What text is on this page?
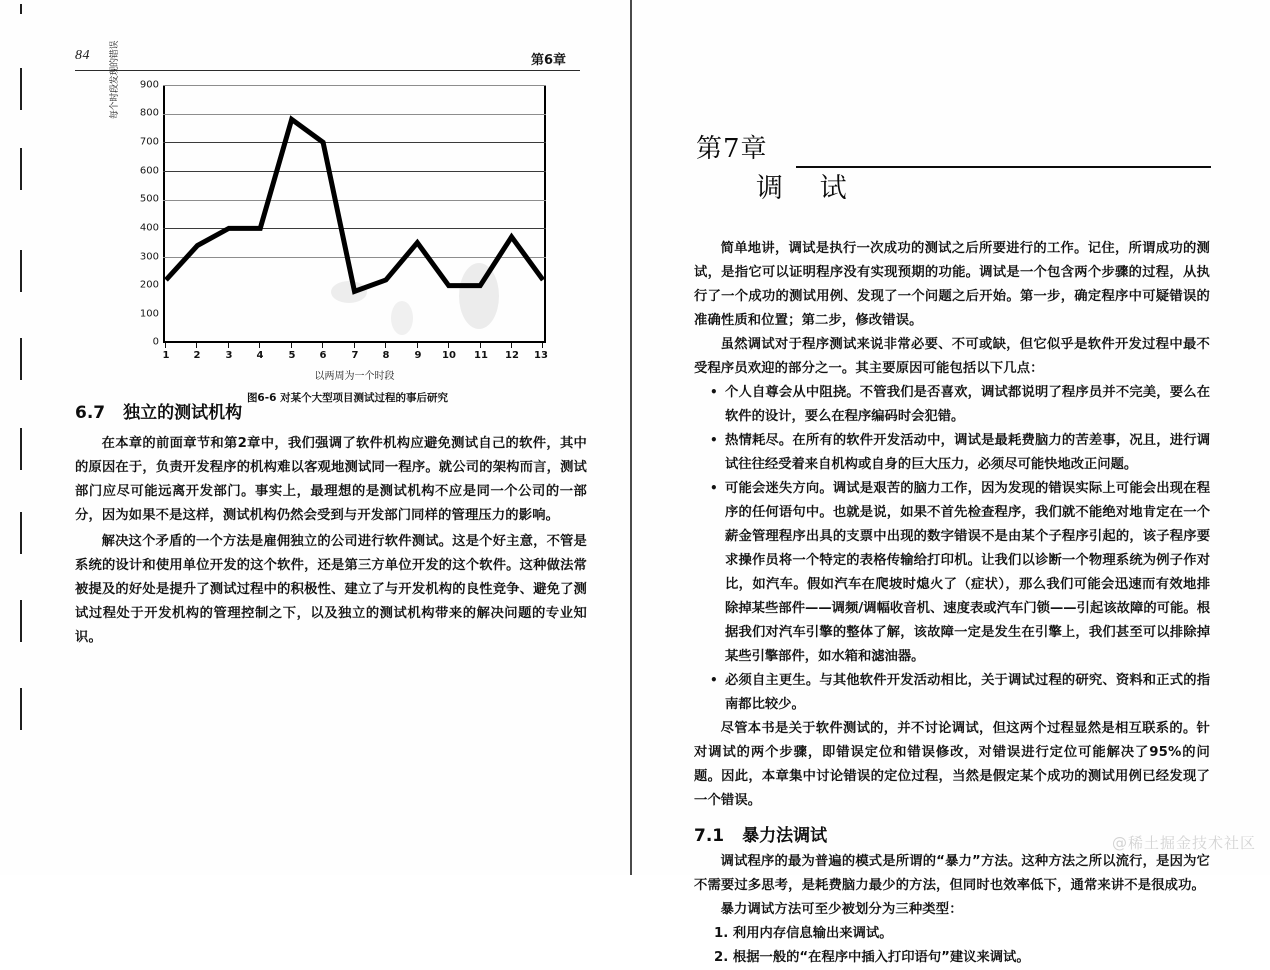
84	第6章
每个时段发现的错误 900
800
700
600
500
400
300
200
100
0
1 2	3 4	5 6	7 8	9 10 11 12 13
以两周为一个时段
图6-6 对某个大型项目测试过程的事后研究
6.7 独立的测试机构

在本章的前面章节和第2章中，我们强调了软件机构应避免测试自己的软件，其中的原因在于，负责开发程序的机构难以客观地测试同一程序。就公司的架构而言，测试部门应尽可能远离开发部门。事实上，最理想的是测试机构不应是同一个公司的一部分，因为如果不是这样，测试机构仍然会受到与开发部门同样的管理压力的影响。

解决这个矛盾的一个方法是雇佣独立的公司进行软件测试。这是个好主意，不管是系统的设计和使用单位开发的这个软件，还是第三方单位开发的这个软件。这种做法常被提及的好处是提升了测试过程中的积极性、建立了与开发机构的良性竞争、避免了测试过程处于开发机构的管理控制之下，以及独立的测试机构带来的解决问题的专业知识。

第7章
调 试

简单地讲，调试是执行一次成功的测试之后所要进行的工作。记住，所谓成功的测试，是指它可以证明程序没有实现预期的功能。调试是一个包含两个步骤的过程，从执行了一个成功的测试用例、发现了一个问题之后开始。第一步，确定程序中可疑错误的准确性质和位置；第二步，修改错误。

虽然调试对于程序测试来说非常必要、不可或缺，但它似乎是软件开发过程中最不受程序员欢迎的部分之一。其主要原因可能包括以下几点：

• 个人自尊会从中阻挠。不管我们是否喜欢，调试都说明了程序员并不完美，要么在软件的设计，要么在程序编码时会犯错。
• 热情耗尽。在所有的软件开发活动中，调试是最耗费脑力的苦差事，况且，进行调试往往经受着来自机构或自身的巨大压力，必须尽可能快地改正问题。
• 可能会迷失方向。调试是艰苦的脑力工作，因为发现的错误实际上可能会出现在程序的任何语句中。也就是说，如果不首先检查程序，我们就不能绝对地肯定在一个薪金管理程序出具的支票中出现的数字错误不是由某个子程序引起的，该子程序要求操作员将一个特定的表格传输给打印机。让我们以诊断一个物理系统为例子作对比，如汽车。假如汽车在爬坡时熄火了（症状），那么我们可能会迅速而有效地排除掉某些部件——调频/调幅收音机、速度表或汽车门锁——引起该故障的可能。根据我们对汽车引擎的整体了解，该故障一定是发生在引擎上，我们甚至可以排除掉某些引擎部件，如水箱和滤油器。
• 必须自主更生。与其他软件开发活动相比，关于调试过程的研究、资料和正式的指南都比较少。

尽管本书是关于软件测试的，并不讨论调试，但这两个过程显然是相互联系的。针对调试的两个步骤，即错误定位和错误修改，对错误进行定位可能解决了95%的问题。因此，本章集中讨论错误的定位过程，当然是假定某个成功的测试用例已经发现了一个错误。

7.1 暴力法调试

调试程序的最为普遍的模式是所谓的“暴力”方法。这种方法之所以流行，是因为它不需要过多思考，是耗费脑力最少的方法，但同时也效率低下，通常来讲不是很成功。

暴力调试方法可至少被划分为三种类型：

1. 利用内存信息输出来调试。
2. 根据一般的“在程序中插入打印语句”建议来调试。
@稀土掘金技术社区
